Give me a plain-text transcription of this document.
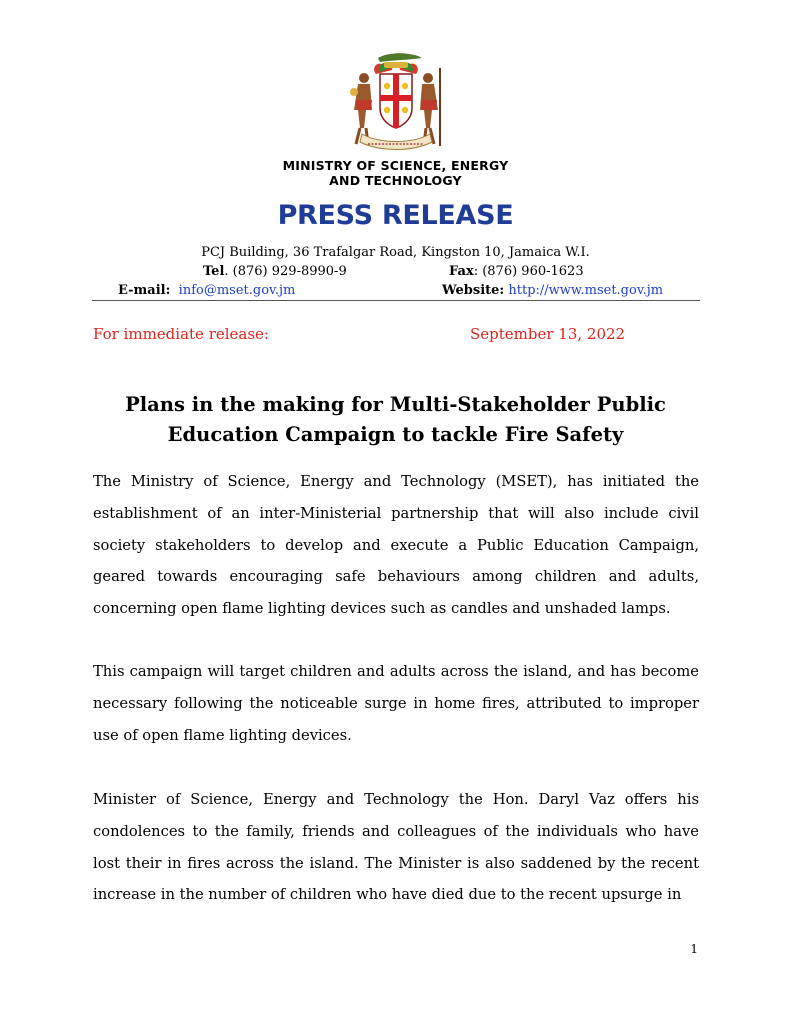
MINISTRY OF SCIENCE, ENERGY
AND TECHNOLOGY
PRESS RELEASE
PCJ Building, 36 Trafalgar Road, Kingston 10, Jamaica W.I.
Tel. (876) 929-8990-9	Fax: (876) 960-1623
E-mail: info@mset.gov.jm	Website: http://www.mset.gov.jm
For immediate release:	September 13, 2022
Plans in the making for Multi-Stakeholder Public
Education Campaign to tackle Fire Safety

The Ministry of Science, Energy and Technology (MSET), has initiated the establishment of an inter-Ministerial partnership that will also include civil society stakeholders to develop and execute a Public Education Campaign, geared towards encouraging safe behaviours among children and adults, concerning open flame lighting devices such as candles and unshaded lamps.

This campaign will target children and adults across the island, and has become necessary following the noticeable surge in home fires, attributed to improper use of open flame lighting devices.

Minister of Science, Energy and Technology the Hon. Daryl Vaz offers his condolences to the family, friends and colleagues of the individuals who have lost their in fires across the island. The Minister is also saddened by the recent increase in the number of children who have died due to the recent upsurge in

1
